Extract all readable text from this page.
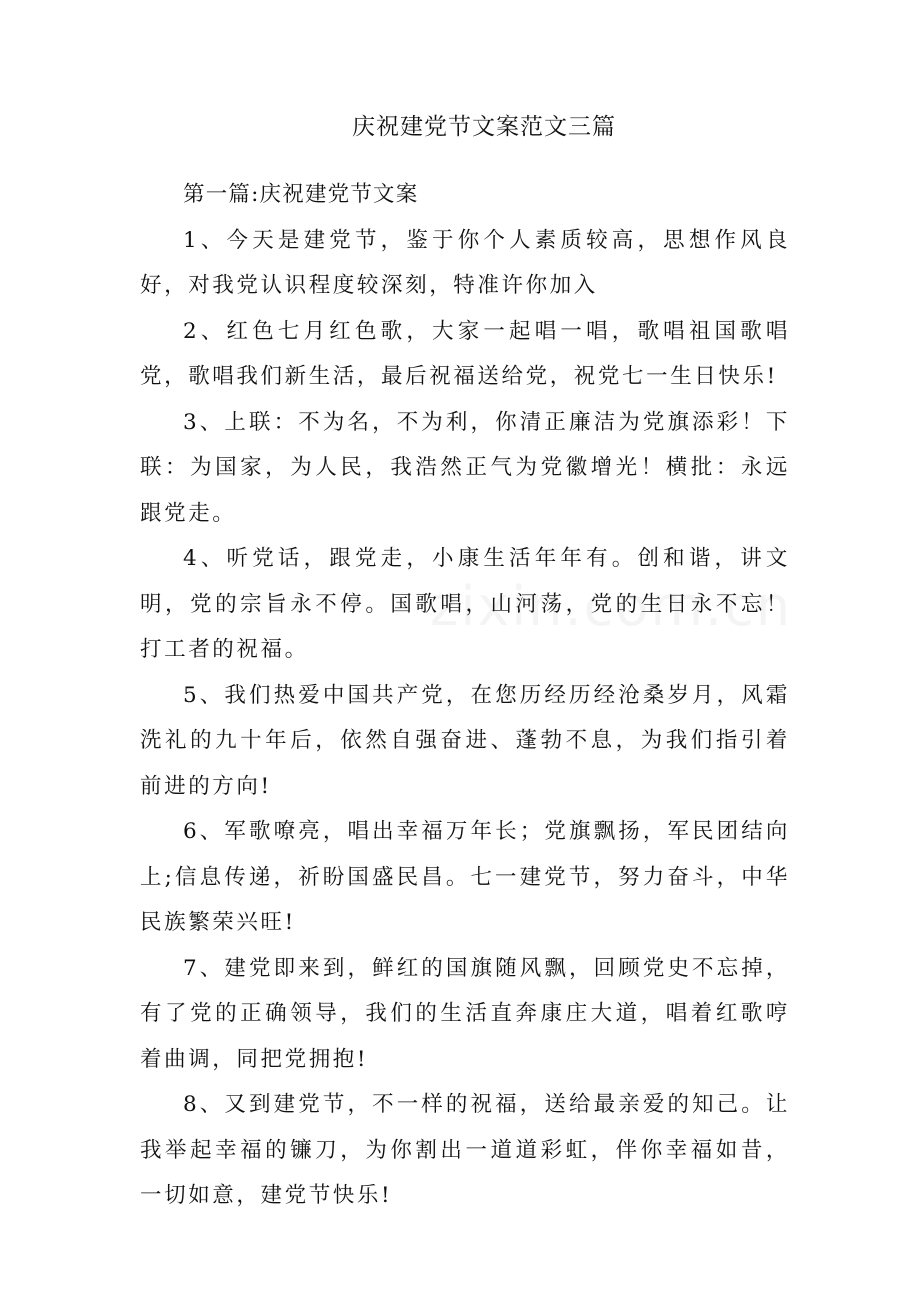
庆祝建党节文案范文三篇

第一篇:庆祝建党节文案

1、今天是建党节，鉴于你个人素质较高，思想作风良好，对我党认识程度较深刻，特准许你加入

2、红色七月红色歌，大家一起唱一唱，歌唱祖国歌唱党，歌唱我们新生活，最后祝福送给党，祝党七一生日快乐!

3、上联：不为名，不为利，你清正廉洁为党旗添彩！下联：为国家，为人民，我浩然正气为党徽增光！横批：永远跟党走。

4、听党话，跟党走，小康生活年年有。创和谐，讲文明，党的宗旨永不停。国歌唱，山河荡，党的生日永不忘！打工者的祝福。

5、我们热爱中国共产党，在您历经历经沧桑岁月，风霜洗礼的九十年后，依然自强奋进、蓬勃不息，为我们指引着前进的方向!

6、军歌嘹亮，唱出幸福万年长；党旗飘扬，军民团结向上;信息传递，祈盼国盛民昌。七一建党节，努力奋斗，中华民族繁荣兴旺!

7、建党即来到，鲜红的国旗随风飘，回顾党史不忘掉，有了党的正确领导，我们的生活直奔康庄大道，唱着红歌哼着曲调，同把党拥抱!

8、又到建党节，不一样的祝福，送给最亲爱的知己。让我举起幸福的镰刀，为你割出一道道彩虹，伴你幸福如昔，一切如意，建党节快乐!
